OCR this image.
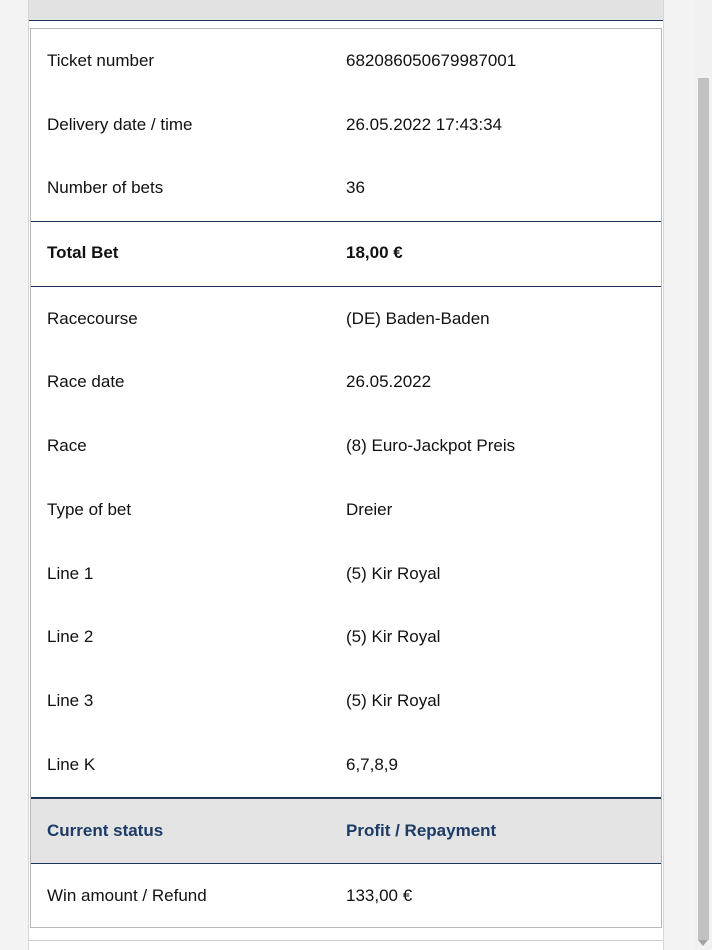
Ticket number	682086050679987001
Delivery date / time	26.05.2022 17:43:34
Number of bets	36
Total Bet	18,00 €
Racecourse	(DE) Baden-Baden
Race date	26.05.2022
Race	(8) Euro-Jackpot Preis
Type of bet	Dreier
Line 1	(5) Kir Royal
Line 2	(5) Kir Royal
Line 3	(5) Kir Royal
Line K	6,7,8,9
Current status	Profit / Repayment
Win amount / Refund	133,00 €
